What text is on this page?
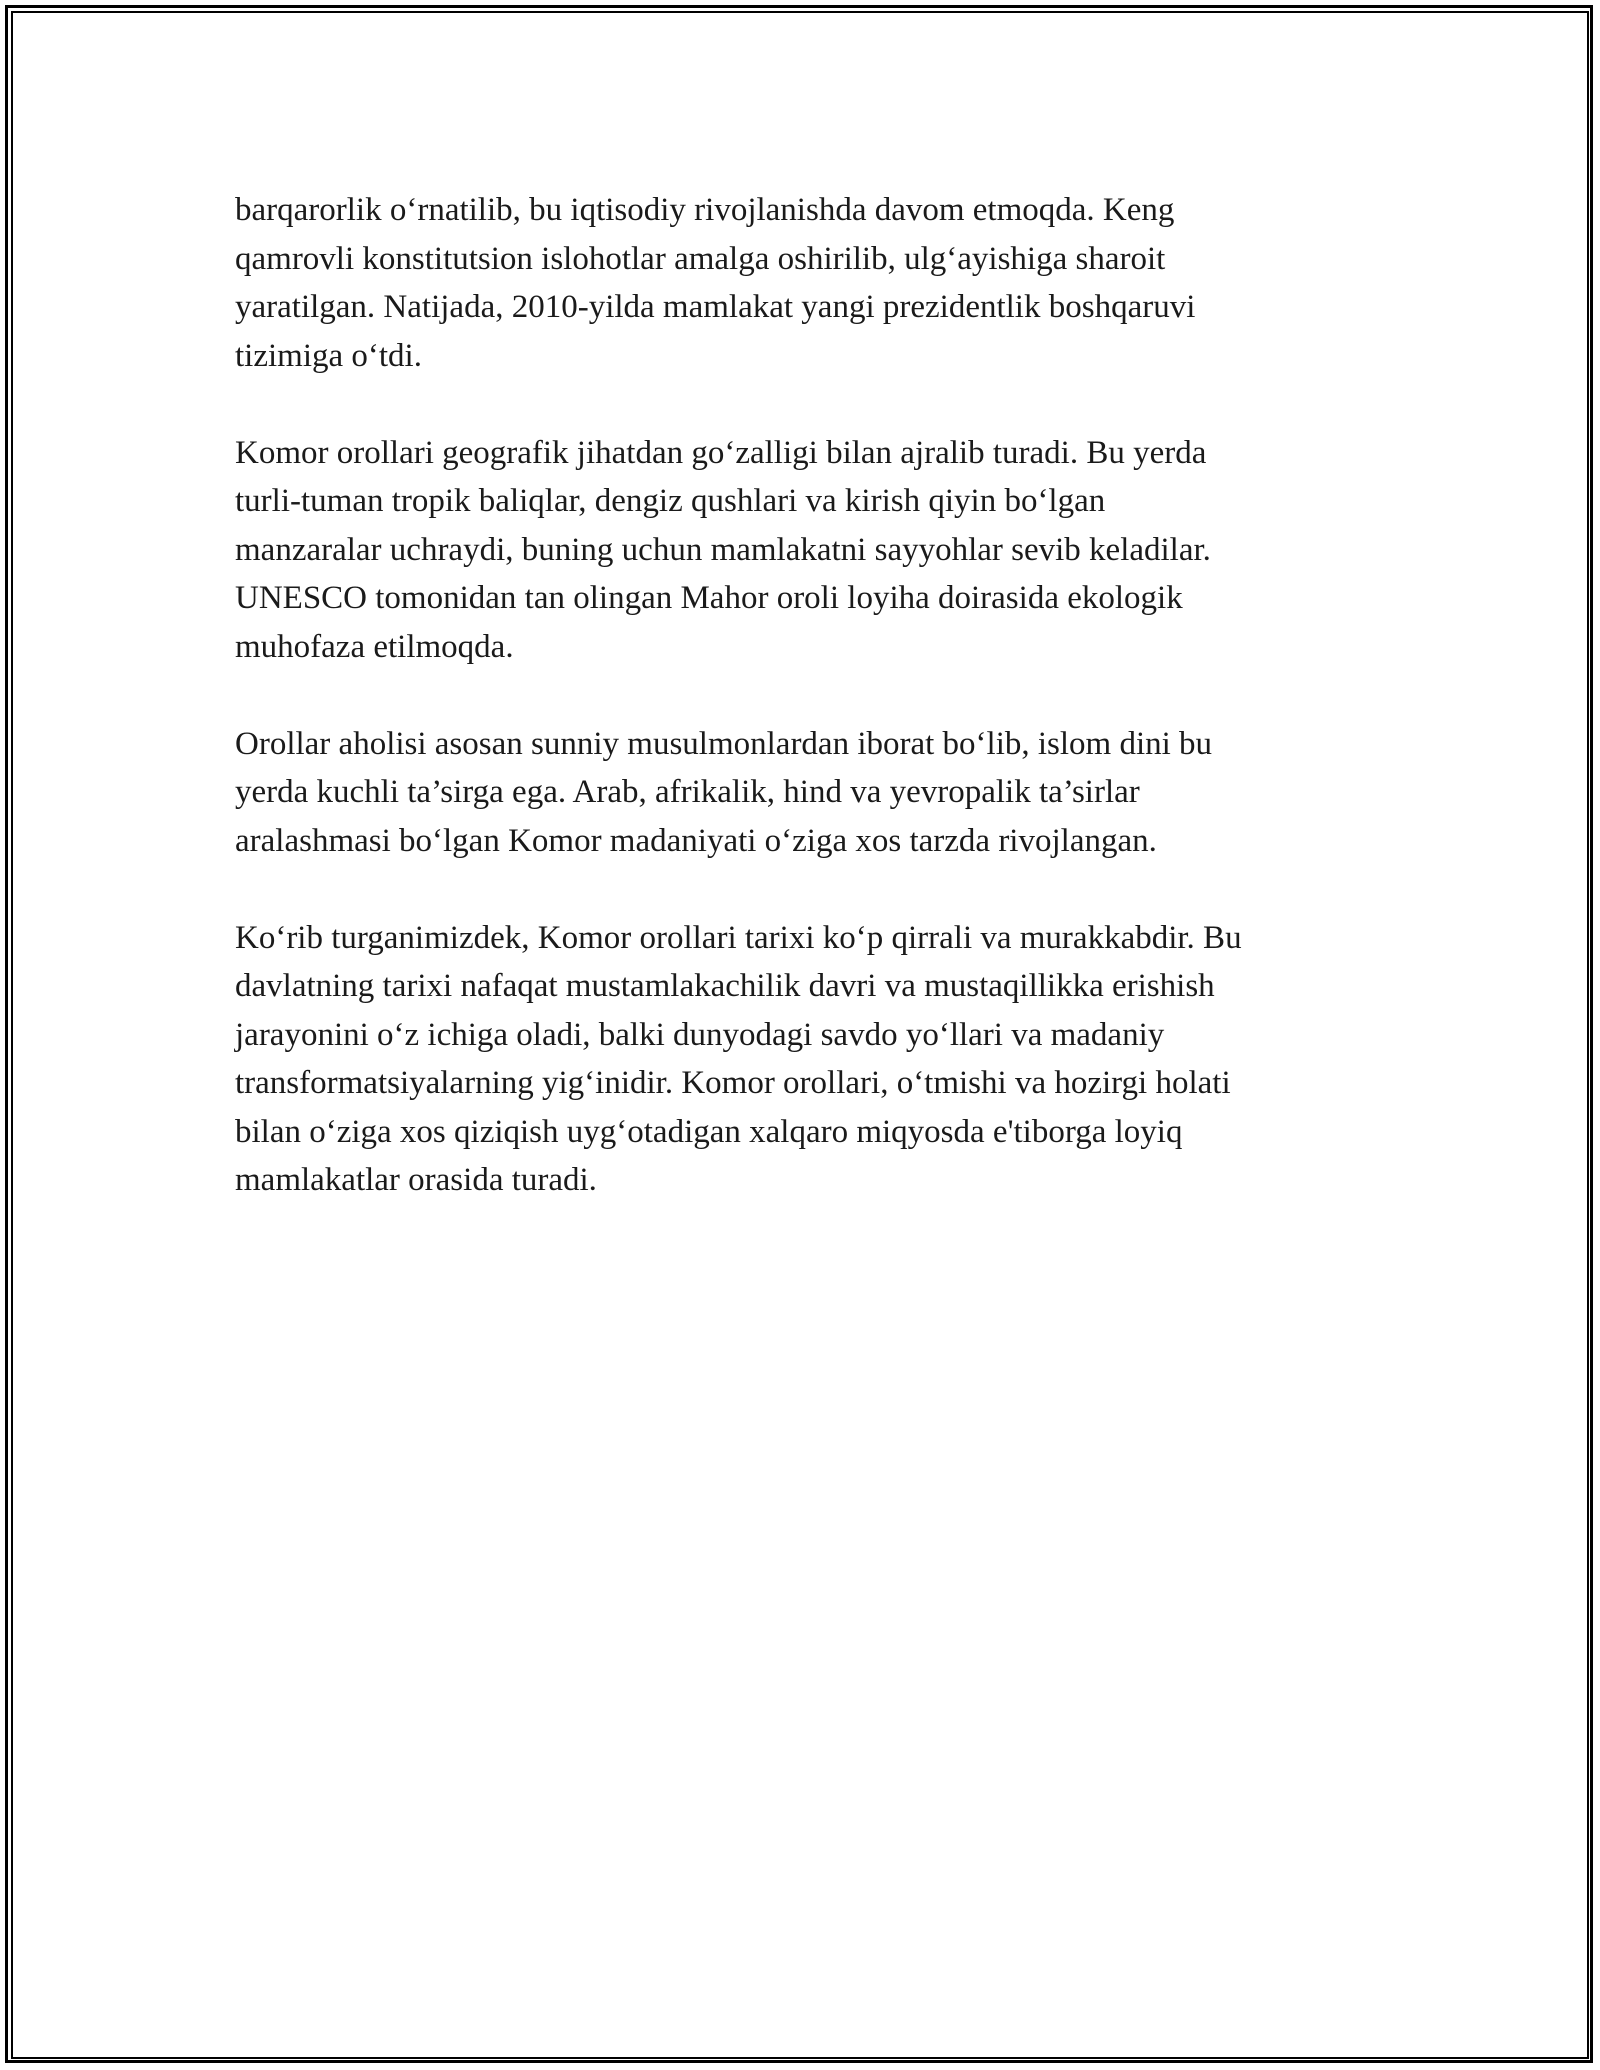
barqarorlik o‘rnatilib, bu iqtisodiy rivojlanishda davom etmoqda. Keng
qamrovli konstitutsion islohotlar amalga oshirilib, ulg‘ayishiga sharoit
yaratilgan. Natijada, 2010-yilda mamlakat yangi prezidentlik boshqaruvi
tizimiga o‘tdi.

Komor orollari geografik jihatdan go‘zalligi bilan ajralib turadi. Bu yerda
turli-tuman tropik baliqlar, dengiz qushlari va kirish qiyin bo‘lgan
manzaralar uchraydi, buning uchun mamlakatni sayyohlar sevib keladilar.
UNESCO tomonidan tan olingan Mahor oroli loyiha doirasida ekologik
muhofaza etilmoqda.

Orollar aholisi asosan sunniy musulmonlardan iborat bo‘lib, islom dini bu
yerda kuchli ta’sirga ega. Arab, afrikalik, hind va yevropalik ta’sirlar
aralashmasi bo‘lgan Komor madaniyati o‘ziga xos tarzda rivojlangan.

Ko‘rib turganimizdek, Komor orollari tarixi ko‘p qirrali va murakkabdir. Bu
davlatning tarixi nafaqat mustamlakachilik davri va mustaqillikka erishish
jarayonini o‘z ichiga oladi, balki dunyodagi savdo yo‘llari va madaniy
transformatsiyalarning yig‘inidir. Komor orollari, o‘tmishi va hozirgi holati
bilan o‘ziga xos qiziqish uyg‘otadigan xalqaro miqyosda e'tiborga loyiq
mamlakatlar orasida turadi.
